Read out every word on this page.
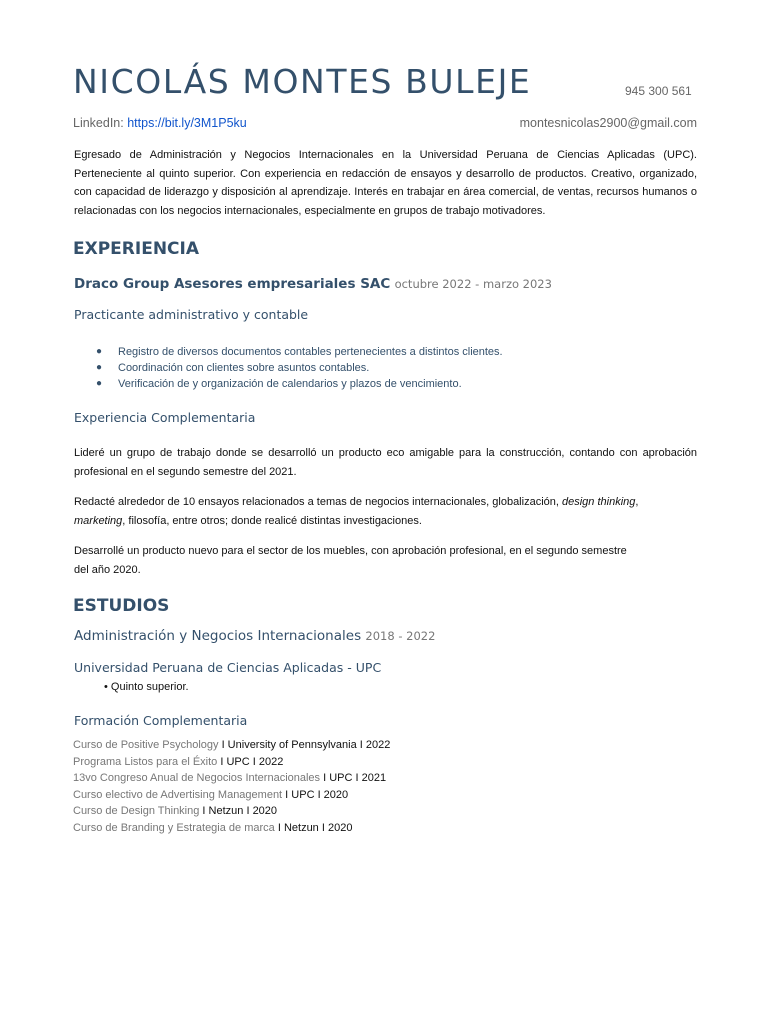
NICOLÁS MONTES BULEJE	945 300 561
LinkedIn: https://bit.ly/3M1P5ku	montesnicolas2900@gmail.com
Egresado de Administración y Negocios Internacionales en la Universidad Peruana de Ciencias Aplicadas (UPC). Perteneciente al quinto superior. Con experiencia en redacción de ensayos y desarrollo de productos. Creativo, organizado, con capacidad de liderazgo y disposición al aprendizaje. Interés en trabajar en área comercial, de ventas, recursos humanos o relacionadas con los negocios internacionales, especialmente en grupos de trabajo motivadores.
EXPERIENCIA
Draco Group Asesores empresariales SAC octubre 2022 - marzo 2023
Practicante administrativo y contable
● Registro de diversos documentos contables pertenecientes a distintos clientes.
● Coordinación con clientes sobre asuntos contables.
● Verificación de y organización de calendarios y plazos de vencimiento.
Experiencia Complementaria
Lideré un grupo de trabajo donde se desarrolló un producto eco amigable para la construcción, contando con aprobación profesional en el segundo semestre del 2021.
Redacté alrededor de 10 ensayos relacionados a temas de negocios internacionales, globalización, design thinking,
marketing, filosofía, entre otros; donde realicé distintas investigaciones.
Desarrollé un producto nuevo para el sector de los muebles, con aprobación profesional, en el segundo semestre
del año 2020.
ESTUDIOS
Administración y Negocios Internacionales 2018 - 2022
Universidad Peruana de Ciencias Aplicadas - UPC
• Quinto superior.
Formación Complementaria
Curso de Positive Psychology I University of Pennsylvania I 2022
Programa Listos para el Éxito I UPC I 2022
13vo Congreso Anual de Negocios Internacionales I UPC I 2021
Curso electivo de Advertising Management I UPC I 2020
Curso de Design Thinking I Netzun I 2020
Curso de Branding y Estrategia de marca I Netzun I 2020
